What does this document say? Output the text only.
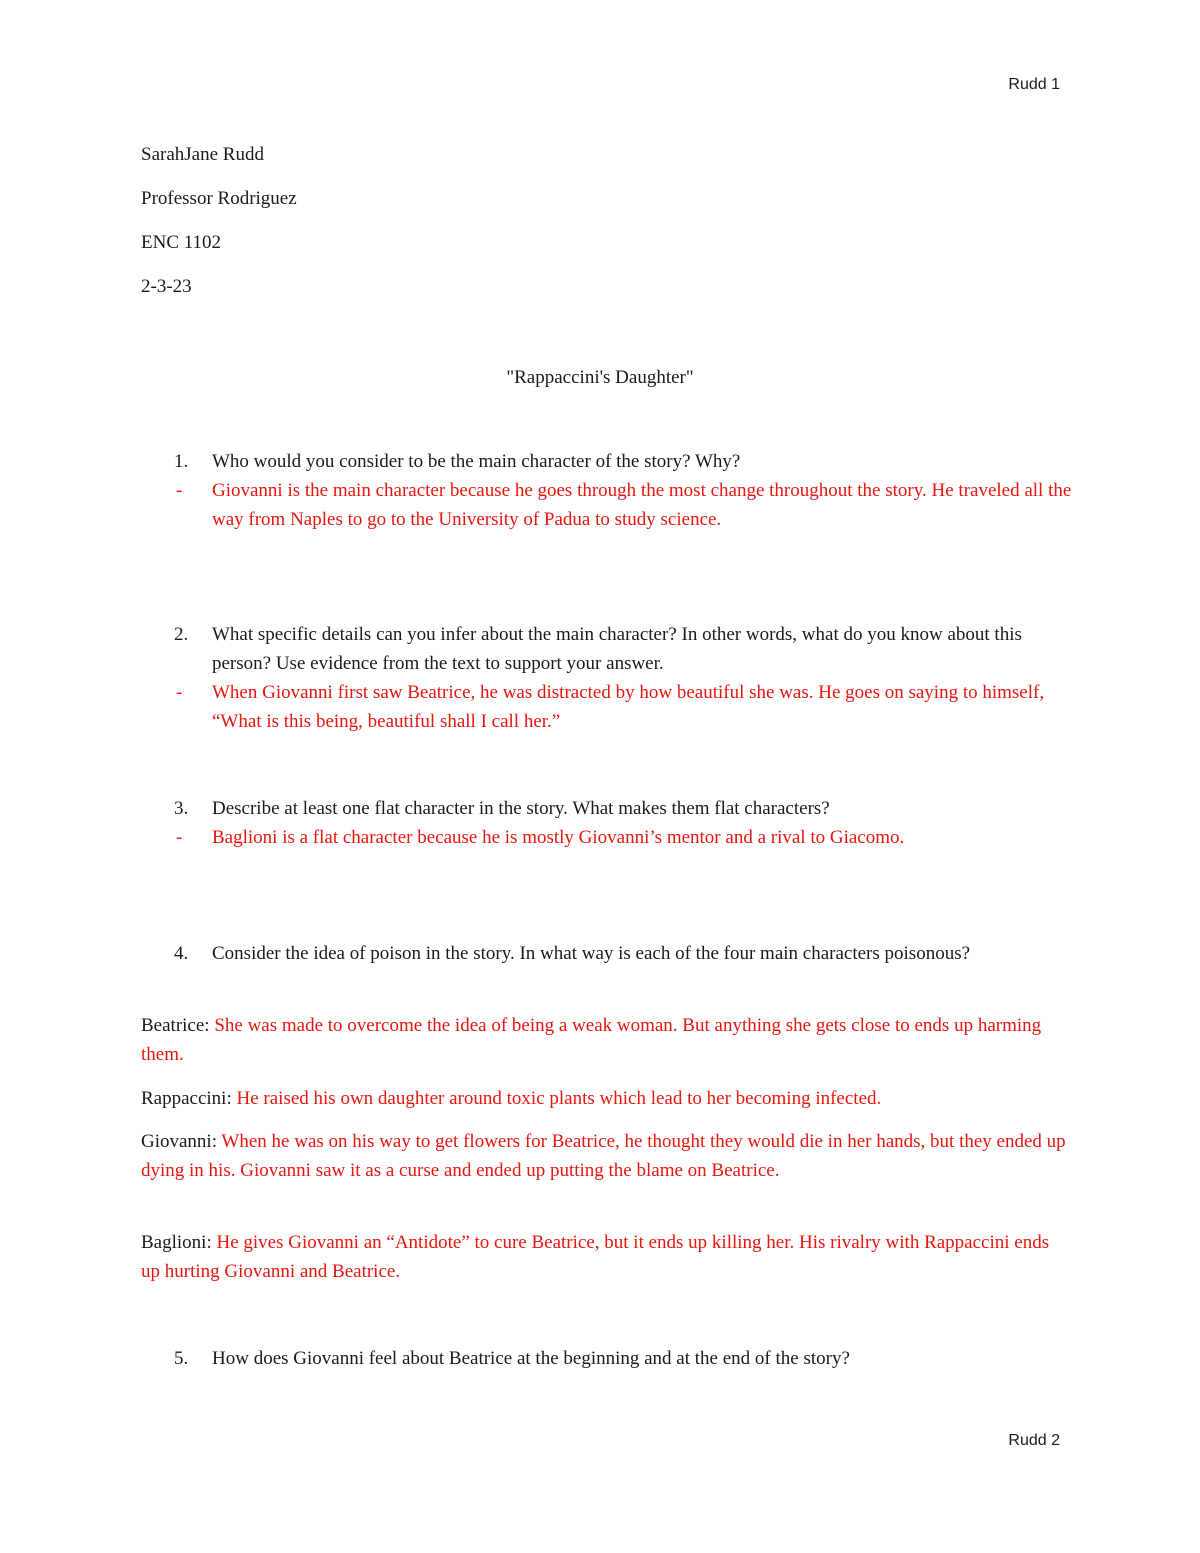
Rudd 1
SarahJane Rudd
Professor Rodriguez
ENC 1102
2-3-23
"Rappaccini's Daughter"
1. Who would you consider to be the main character of the story? Why?
- Giovanni is the main character because he goes through the most change throughout the story. He traveled all the way from Naples to go to the University of Padua to study science.
2. What specific details can you infer about the main character? In other words, what do you know about this person? Use evidence from the text to support your answer.
- When Giovanni first saw Beatrice, he was distracted by how beautiful she was. He goes on saying to himself, “What is this being, beautiful shall I call her.”
3. Describe at least one flat character in the story. What makes them flat characters?
- Baglioni is a flat character because he is mostly Giovanni’s mentor and a rival to Giacomo.
4. Consider the idea of poison in the story. In what way is each of the four main characters poisonous?
Beatrice: She was made to overcome the idea of being a weak woman. But anything she gets close to ends up harming them.
Rappaccini: He raised his own daughter around toxic plants which lead to her becoming infected.
Giovanni: When he was on his way to get flowers for Beatrice, he thought they would die in her hands, but they ended up dying in his. Giovanni saw it as a curse and ended up putting the blame on Beatrice.
Baglioni: He gives Giovanni an “Antidote” to cure Beatrice, but it ends up killing her. His rivalry with Rappaccini ends up hurting Giovanni and Beatrice.
5. How does Giovanni feel about Beatrice at the beginning and at the end of the story?
Rudd 2
